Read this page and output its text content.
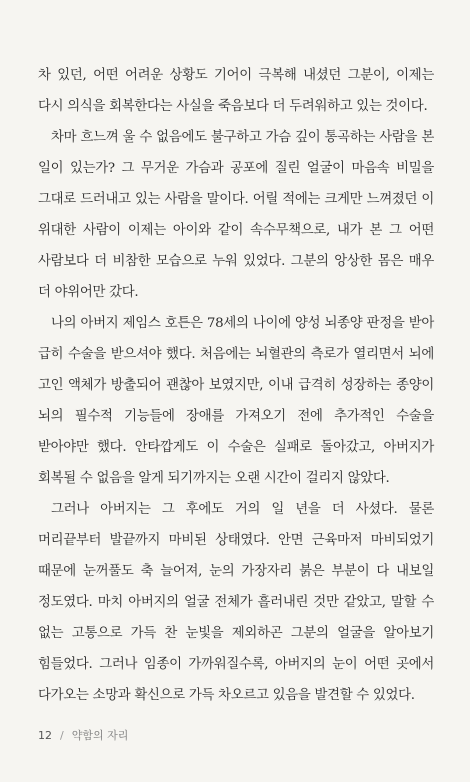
차 있던, 어떤 어려운 상황도 기어이 극복해 내셨던 그분이, 이제는 다시 의식을 회복한다는 사실을 죽음보다 더 두려워하고 있는 것이다.

차마 흐느껴 울 수 없음에도 불구하고 가슴 깊이 통곡하는 사람을 본 일이 있는가? 그 무거운 가슴과 공포에 질린 얼굴이 마음속 비밀을 그대로 드러내고 있는 사람을 말이다. 어릴 적에는 크게만 느껴졌던 이 위대한 사람이 이제는 아이와 같이 속수무책으로, 내가 본 그 어떤 사람보다 더 비참한 모습으로 누워 있었다. 그분의 앙상한 몸은 매우 더 야위어만 갔다.

나의 아버지 제임스 호튼은 78세의 나이에 양성 뇌종양 판정을 받아 급히 수술을 받으셔야 했다. 처음에는 뇌혈관의 측로가 열리면서 뇌에 고인 액체가 방출되어 괜찮아 보였지만, 이내 급격히 성장하는 종양이 뇌의 필수적 기능들에 장애를 가져오기 전에 추가적인 수술을 받아야만 했다. 안타깝게도 이 수술은 실패로 돌아갔고, 아버지가 회복될 수 없음을 알게 되기까지는 오랜 시간이 걸리지 않았다.

그러나 아버지는 그 후에도 거의 일 년을 더 사셨다. 물론 머리끝부터 발끝까지 마비된 상태였다. 안면 근육마저 마비되었기 때문에 눈꺼풀도 축 늘어져, 눈의 가장자리 붉은 부분이 다 내보일 정도였다. 마치 아버지의 얼굴 전체가 흘러내린 것만 같았고, 말할 수 없는 고통으로 가득 찬 눈빛을 제외하곤 그분의 얼굴을 알아보기 힘들었다. 그러나 임종이 가까워질수록, 아버지의 눈이 어떤 곳에서 다가오는 소망과 확신으로 가득 차오르고 있음을 발견할 수 있었다.

12 / 약함의 자리
